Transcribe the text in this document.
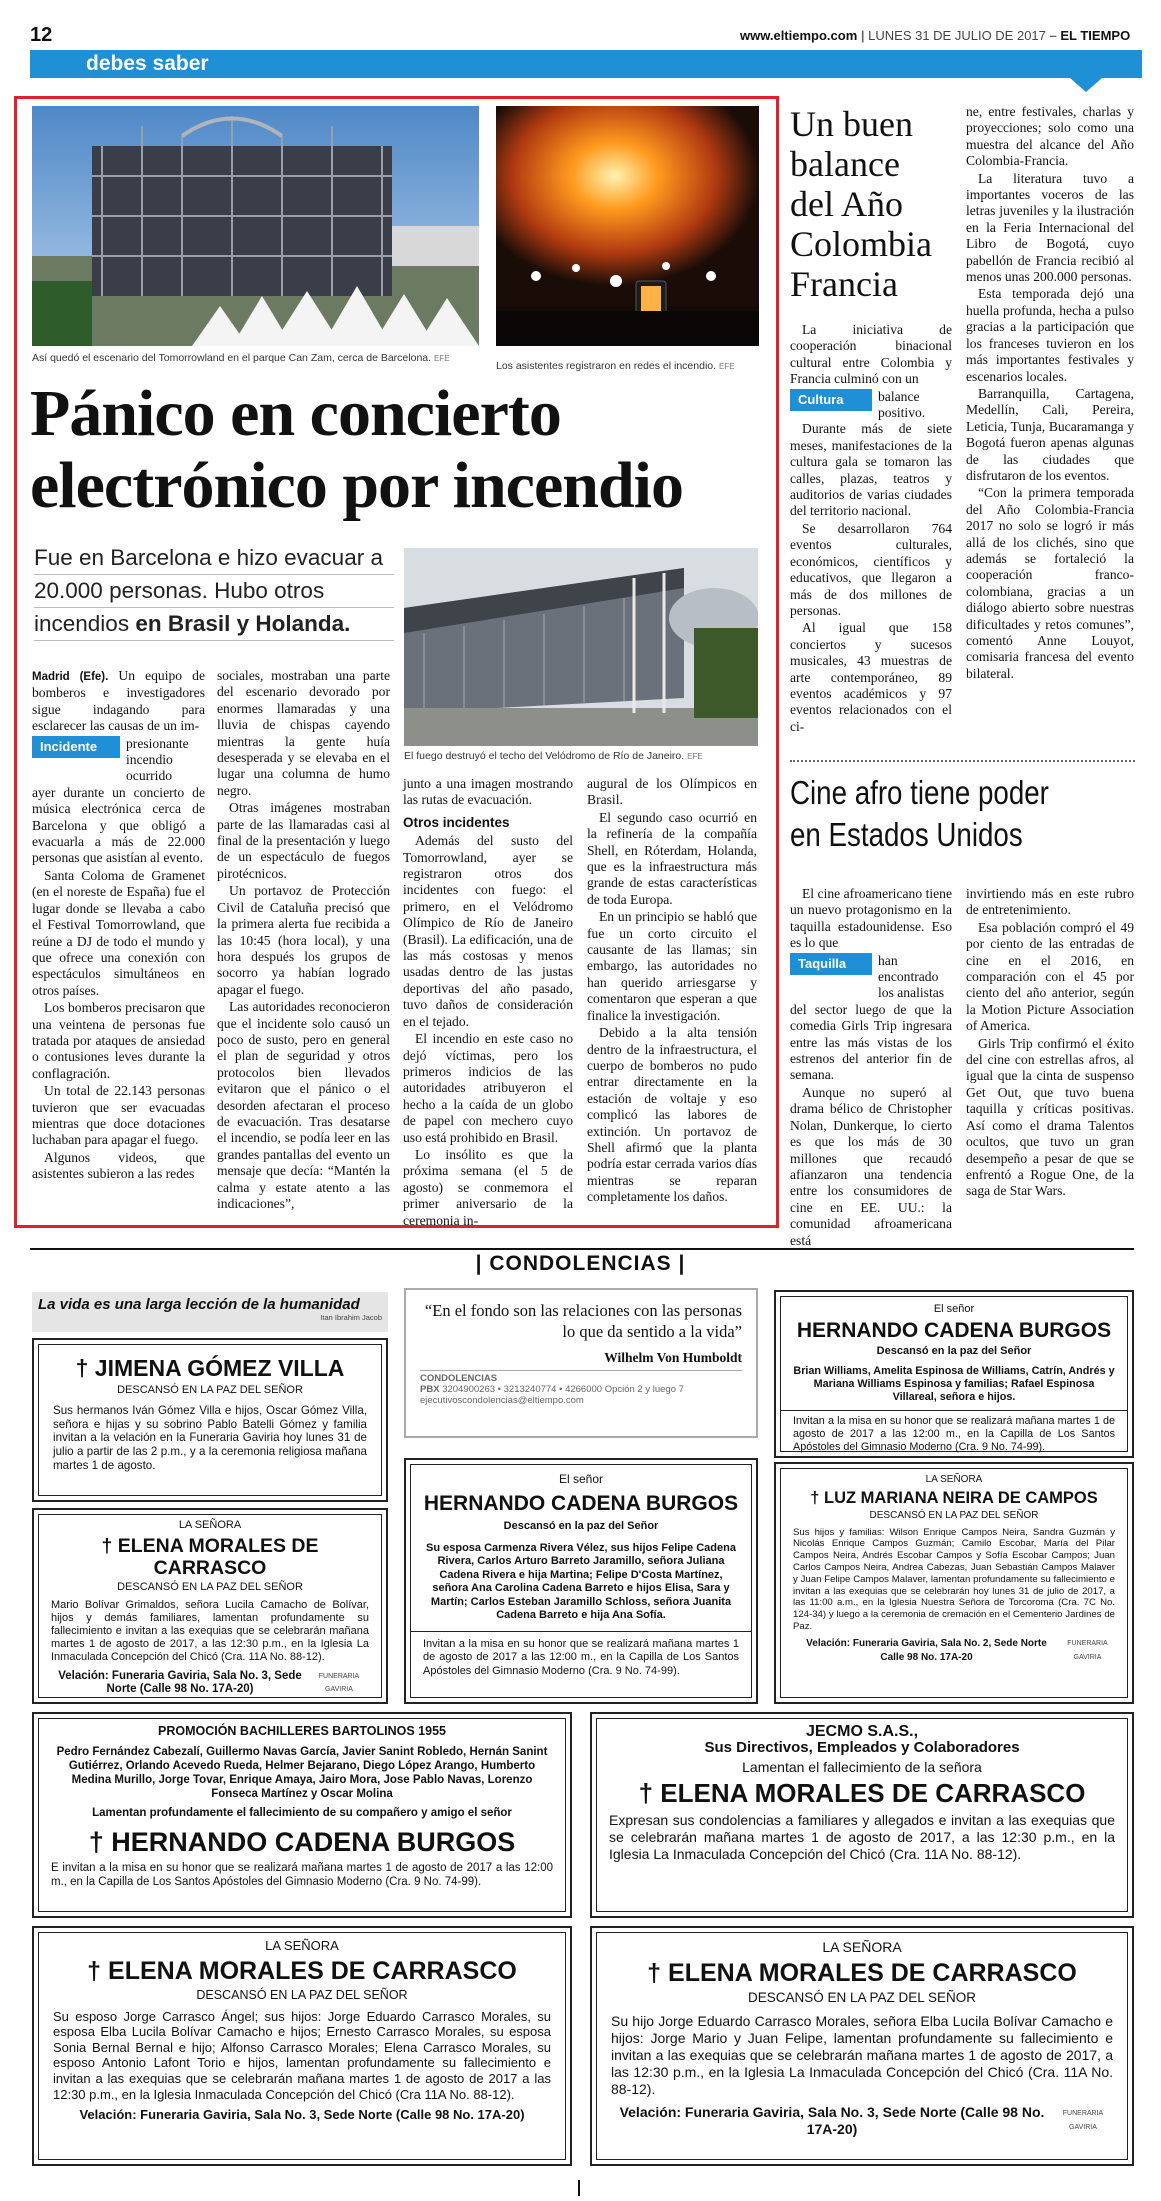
12	www.eltiempo.com | LUNES 31 DE JULIO DE 2017 – EL TIEMPO
debes saber
Así quedó el escenario del Tomorrowland en el parque Can Zam, cerca de Barcelona. EFE
Los asistentes registraron en redes el incendio. EFE
Pánico en concierto
electrónico por incendio
Fue en Barcelona e hizo evacuar a
20.000 personas. Hubo otros
incendios en Brasil y Holanda.
El fuego destruyó el techo del Velódromo de Río de Janeiro. EFE

Madrid (Efe). Un equipo de bomberos e investigadores sigue indagando para esclarecer las causas de un im-

Incidente	presionante incendio ocurrido

ayer durante un concierto de música electrónica cerca de Barcelona y que obligó a evacuarla a más de 22.000 personas que asistían al evento.

Santa Coloma de Gramenet (en el noreste de España) fue el lugar donde se llevaba a cabo el Festival Tomorrowland, que reúne a DJ de todo el mundo y que ofrece una conexión con espectáculos simultáneos en otros países.

Los bomberos precisaron que una veintena de personas fue tratada por ataques de ansiedad o contusiones leves durante la conflagración.

Un total de 22.143 personas tuvieron que ser evacuadas mientras que doce dotaciones luchaban para apagar el fuego.

Algunos videos, que asistentes subieron a las redes

sociales, mostraban una parte del escenario devorado por enormes llamaradas y una lluvia de chispas cayendo mientras la gente huía desesperada y se elevaba en el lugar una columna de humo negro.

Otras imágenes mostraban parte de las llamaradas casi al final de la presentación y luego de un espectáculo de fuegos pirotécnicos.

Un portavoz de Protección Civil de Cataluña precisó que la primera alerta fue recibida a las 10:45 (hora local), y una hora después los grupos de socorro ya habían logrado apagar el fuego.

Las autoridades reconocieron que el incidente solo causó un poco de susto, pero en general el plan de seguridad y otros protocolos bien llevados evitaron que el pánico o el desorden afectaran el proceso de evacuación. Tras desatarse el incendio, se podía leer en las grandes pantallas del evento un mensaje que decía: “Mantén la calma y estate atento a las indicaciones”,

junto a una imagen mostrando las rutas de evacuación.

Otros incidentes

Además del susto del Tomorrowland, ayer se registraron otros dos incidentes con fuego: el primero, en el Velódromo Olímpico de Río de Janeiro (Brasil). La edificación, una de las más costosas y menos usadas dentro de las justas deportivas del año pasado, tuvo daños de consideración en el tejado.

El incendio en este caso no dejó víctimas, pero los primeros indicios de las autoridades atribuyeron el hecho a la caída de un globo de papel con mechero cuyo uso está prohibido en Brasil.

Lo insólito es que la próxima semana (el 5 de agosto) se conmemora el primer aniversario de la ceremonia in-

augural de los Olímpicos en Brasil.

El segundo caso ocurrió en la refinería de la compañía Shell, en Róterdam, Holanda, que es la infraestructura más grande de estas características de toda Europa.

En un principio se habló que fue un corto circuito el causante de las llamas; sin embargo, las autoridades no han querido arriesgarse y comentaron que esperan a que finalice la investigación.

Debido a la alta tensión dentro de la infraestructura, el cuerpo de bomberos no pudo entrar directamente en la estación de voltaje y eso complicó las labores de extinción. Un portavoz de Shell afirmó que la planta podría estar cerrada varios días mientras se reparan completamente los daños.

Un buen
balance
del Año
Colombia
Francia

La iniciativa de cooperación binacional cultural entre Colombia y Francia culminó con un

Cultura	balance positivo.

Durante más de siete meses, manifestaciones de la cultura gala se tomaron las calles, plazas, teatros y auditorios de varias ciudades del territorio nacional.

Se desarrollaron 764 eventos culturales, económicos, científicos y educativos, que llegaron a más de dos millones de personas.

Al igual que 158 conciertos y sucesos musicales, 43 muestras de arte contemporáneo, 89 eventos académicos y 97 eventos relacionados con el ci-

ne, entre festivales, charlas y proyecciones; solo como una muestra del alcance del Año Colombia-Francia.

La literatura tuvo a importantes voceros de las letras juveniles y la ilustración en la Feria Internacional del Libro de Bogotá, cuyo pabellón de Francia recibió al menos unas 200.000 personas.

Esta temporada dejó una huella profunda, hecha a pulso gracias a la participación que los franceses tuvieron en los más importantes festivales y escenarios locales.

Barranquilla, Cartagena, Medellín, Cali, Pereira, Leticia, Tunja, Bucaramanga y Bogotá fueron apenas algunas de las ciudades que disfrutaron de los eventos.

“Con la primera temporada del Año Colombia-Francia 2017 no solo se logró ir más allá de los clichés, sino que además se fortaleció la cooperación franco-colombiana, gracias a un diálogo abierto sobre nuestras dificultades y retos comunes”, comentó Anne Louyot, comisaria francesa del evento bilateral.

Cine afro tiene poder
en Estados Unidos

El cine afroamericano tiene un nuevo protagonismo en la taquilla estadounidense. Eso es lo que

Taquilla	han encontrado los analistas

del sector luego de que la comedia Girls Trip ingresara entre las más vistas de los estrenos del anterior fin de semana.

Aunque no superó al drama bélico de Christopher Nolan, Dunkerque, lo cierto es que los más de 30 millones que recaudó afianzaron una tendencia entre los consumidores de cine en EE. UU.: la comunidad afroamericana está

invirtiendo más en este rubro de entretenimiento.

Esa población compró el 49 por ciento de las entradas de cine en el 2016, en comparación con el 45 por ciento del año anterior, según la Motion Picture Association of America.

Girls Trip confirmó el éxito del cine con estrellas afros, al igual que la cinta de suspenso Get Out, que tuvo buena taquilla y críticas positivas. Así como el drama Talentos ocultos, que tuvo un gran desempeño a pesar de que se enfrentó a Rogue One, de la saga de Star Wars.

| CONDOLENCIAS |
La vida es una larga lección de la humanidad
Itan Ibrahim Jacob
† JIMENA GÓMEZ VILLA
DESCANSÓ EN LA PAZ DEL SEÑOR
Sus hermanos Iván Gómez Villa e hijos, Oscar Gómez Villa, señora e hijas y su sobrino Pablo Batelli Gómez y familia invitan a la velación en la Funeraria Gaviria hoy lunes 31 de julio a partir de las 2 p.m., y a la ceremonia religiosa mañana martes 1 de agosto.
LA SEÑORA
† ELENA MORALES DE CARRASCO
DESCANSÓ EN LA PAZ DEL SEÑOR
Mario Bolívar Grimaldos, señora Lucila Camacho de Bolívar, hijos y demás familiares, lamentan profundamente su fallecimiento e invitan a las exequias que se celebrarán mañana martes 1 de agosto de 2017, a las 12:30 p.m., en la Iglesia La Inmaculada Concepción del Chicó (Cra. 11A No. 88-12).
Velación: Funeraria Gaviria, Sala No. 3, Sede Norte (Calle 98 No. 17A-20)
FUNERARIA GAVIRIA
“En el fondo son las relaciones con las personas lo que da sentido a la vida”
Wilhelm Von Humboldt
CONDOLENCIAS
PBX 3204900263 • 3213240774 • 4266000 Opción 2 y luego 7
ejecutivoscondolencias@eltiempo.com
El señor
HERNANDO CADENA BURGOS
Descansó en la paz del Señor
Su esposa Carmenza Rivera Vélez, sus hijos Felipe Cadena Rivera, Carlos Arturo Barreto Jaramillo, señora Juliana Cadena Rivera e hija Martina; Felipe D'Costa Martínez, señora Ana Carolina Cadena Barreto e hijos Elisa, Sara y Martín; Carlos Esteban Jaramillo Schloss, señora Juanita Cadena Barreto e hija Ana Sofía.
Invitan a la misa en su honor que se realizará mañana martes 1 de agosto de 2017 a las 12:00 m., en la Capilla de Los Santos Apóstoles del Gimnasio Moderno (Cra. 9 No. 74-99).
El señor
HERNANDO CADENA BURGOS
Descansó en la paz del Señor
Brian Williams, Amelita Espinosa de Williams, Catrín, Andrés y Mariana Williams Espinosa y familias; Rafael Espinosa Villareal, señora e hijos.
Invitan a la misa en su honor que se realizará mañana martes 1 de agosto de 2017 a las 12:00 m., en la Capilla de Los Santos Apóstoles del Gimnasio Moderno (Cra. 9 No. 74-99).
LA SEÑORA
† LUZ MARIANA NEIRA DE CAMPOS
DESCANSÓ EN LA PAZ DEL SEÑOR
Sus hijos y familias: Wilson Enrique Campos Neira, Sandra Guzmán y Nicolás Enrique Campos Guzmán; Camilo Escobar, María del Pilar Campos Neira, Andrés Escobar Campos y Sofía Escobar Campos; Juan Carlos Campos Neira, Andrea Cabezas, Juan Sebastián Campos Malaver y Juan Felipe Campos Malaver, lamentan profundamente su fallecimiento e invitan a las exequias que se celebrarán hoy lunes 31 de julio de 2017, a las 11:00 a.m., en la Iglesia Nuestra Señora de Torcoroma (Cra. 7C No. 124-34) y luego a la ceremonia de cremación en el Cementerio Jardines de Paz.
Velación: Funeraria Gaviria, Sala No. 2, Sede Norte Calle 98 No. 17A-20
FUNERARIA GAVIRIA
PROMOCIÓN BACHILLERES BARTOLINOS 1955
Pedro Fernández Cabezalí, Guillermo Navas García, Javier Sanint Robledo, Hernán Sanint Gutiérrez, Orlando Acevedo Rueda, Helmer Bejarano, Diego López Arango, Humberto Medina Murillo, Jorge Tovar, Enrique Amaya, Jairo Mora, Jose Pablo Navas, Lorenzo Fonseca Martínez y Oscar Molina
Lamentan profundamente el fallecimiento de su compañero y amigo el señor
† HERNANDO CADENA BURGOS
E invitan a la misa en su honor que se realizará mañana martes 1 de agosto de 2017 a las 12:00 m., en la Capilla de Los Santos Apóstoles del Gimnasio Moderno (Cra. 9 No. 74-99).
JECMO S.A.S.,
Sus Directivos, Empleados y Colaboradores
Lamentan el fallecimiento de la señora
† ELENA MORALES DE CARRASCO
Expresan sus condolencias a familiares y allegados e invitan a las exequias que se celebrarán mañana martes 1 de agosto de 2017, a las 12:30 p.m., en la Iglesia La Inmaculada Concepción del Chicó (Cra. 11A No. 88-12).
LA SEÑORA
† ELENA MORALES DE CARRASCO
DESCANSÓ EN LA PAZ DEL SEÑOR
Su esposo Jorge Carrasco Ángel; sus hijos: Jorge Eduardo Carrasco Morales, su esposa Elba Lucila Bolívar Camacho e hijos; Ernesto Carrasco Morales, su esposa Sonia Bernal Bernal e hijo; Alfonso Carrasco Morales; Elena Carrasco Morales, su esposo Antonio Lafont Torio e hijos, lamentan profundamente su fallecimiento e invitan a las exequias que se celebrarán mañana martes 1 de agosto de 2017 a las 12:30 p.m., en la Iglesia Inmaculada Concepción del Chicó (Cra 11A No. 88-12).
Velación: Funeraria Gaviria, Sala No. 3, Sede Norte (Calle 98 No. 17A-20)
LA SEÑORA
† ELENA MORALES DE CARRASCO
DESCANSÓ EN LA PAZ DEL SEÑOR
Su hijo Jorge Eduardo Carrasco Morales, señora Elba Lucila Bolívar Camacho e hijos: Jorge Mario y Juan Felipe, lamentan profundamente su fallecimiento e invitan a las exequias que se celebrarán mañana martes 1 de agosto de 2017, a las 12:30 p.m., en la Iglesia La Inmaculada Concepción del Chicó (Cra. 11A No. 88-12).
Velación: Funeraria Gaviria, Sala No. 3, Sede Norte (Calle 98 No. 17A-20)
FUNERARIA GAVIRIA
